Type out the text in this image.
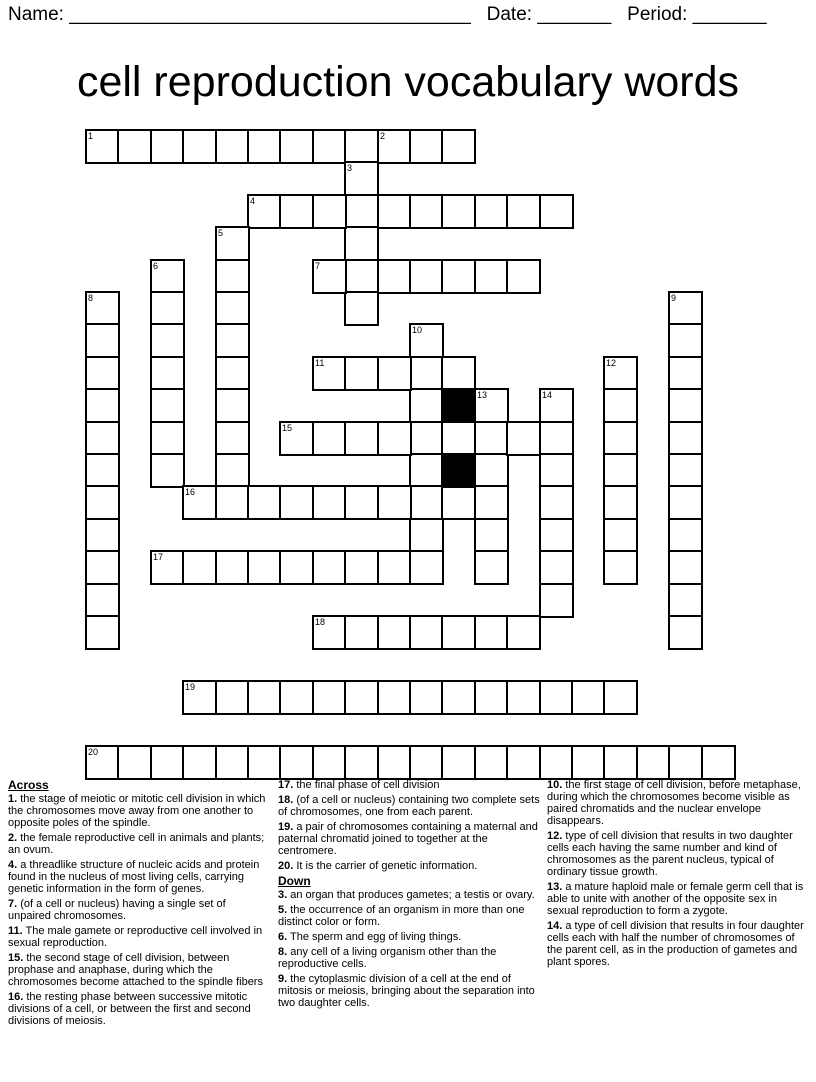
Name: ______________________________________ Date: _______ Period: _______
cell reproduction vocabulary words
1	2
3
4
5
6	7
8	9
10
11	12
13	14
15
16
17
18
19
20
Across
1. the stage of meiotic or mitotic cell division in which the chromosomes move away from one another to opposite poles of the spindle.
2. the female reproductive cell in animals and plants; an ovum.
4. a threadlike structure of nucleic acids and protein found in the nucleus of most living cells, carrying genetic information in the form of genes.
7. (of a cell or nucleus) having a single set of unpaired chromosomes.
11. The male gamete or reproductive cell involved in sexual reproduction.
15. the second stage of cell division, between prophase and anaphase, during which the chromosomes become attached to the spindle fibers
16. the resting phase between successive mitotic divisions of a cell, or between the first and second divisions of meiosis.
17. the final phase of cell division
18. (of a cell or nucleus) containing two complete sets of chromosomes, one from each parent.
19. a pair of chromosomes containing a maternal and paternal chromatid joined to together at the centromere.
20. It is the carrier of genetic information.
Down
3. an organ that produces gametes; a testis or ovary.
5. the occurrence of an organism in more than one distinct color or form.
6. The sperm and egg of living things.
8. any cell of a living organism other than the reproductive cells.
9. the cytoplasmic division of a cell at the end of mitosis or meiosis, bringing about the separation into two daughter cells.
10. the first stage of cell division, before metaphase, during which the chromosomes become visible as paired chromatids and the nuclear envelope disappears.
12. type of cell division that results in two daughter cells each having the same number and kind of chromosomes as the parent nucleus, typical of ordinary tissue growth.
13. a mature haploid male or female germ cell that is able to unite with another of the opposite sex in sexual reproduction to form a zygote.
14. a type of cell division that results in four daughter cells each with half the number of chromosomes of the parent cell, as in the production of gametes and plant spores.
